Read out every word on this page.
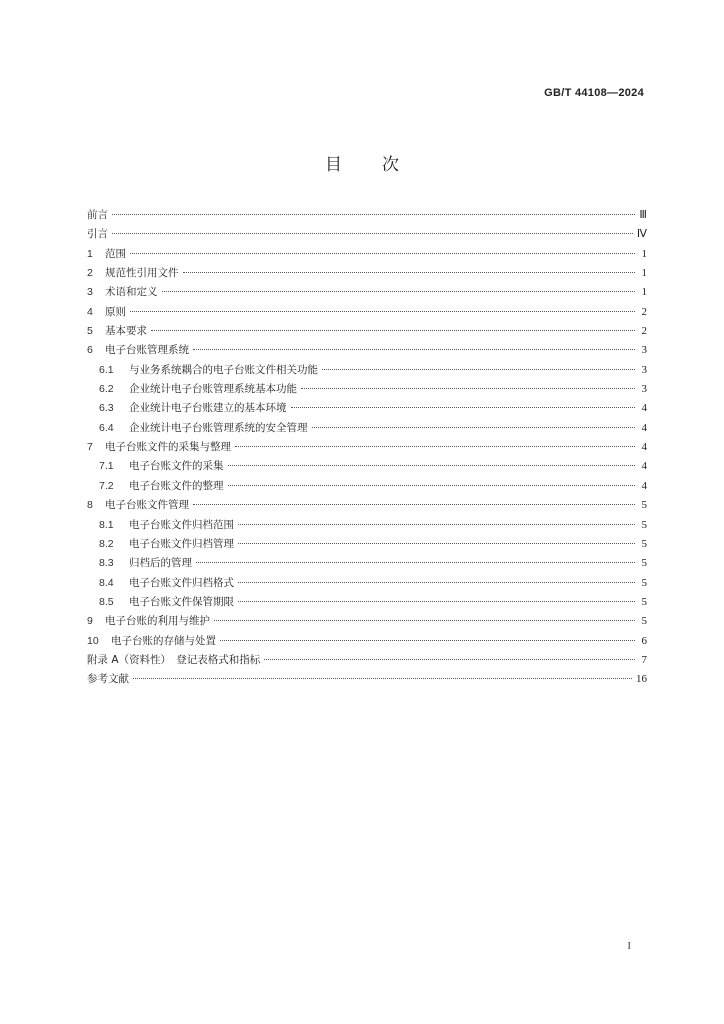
GB/T 44108—2024
目 次
前言	Ⅲ
引言	Ⅳ
1	范围	1
2	规范性引用文件	1
3	术语和定义	1
4	原则	2
5	基本要求	2
6	电子台账管理系统	3
6.1	与业务系统耦合的电子台账文件相关功能	3
6.2	企业统计电子台账管理系统基本功能	3
6.3	企业统计电子台账建立的基本环境	4
6.4	企业统计电子台账管理系统的安全管理	4
7	电子台账文件的采集与整理	4
7.1	电子台账文件的采集	4
7.2	电子台账文件的整理	4
8	电子台账文件管理	5
8.1	电子台账文件归档范围	5
8.2	电子台账文件归档管理	5
8.3	归档后的管理	5
8.4	电子台账文件归档格式	5
8.5	电子台账文件保管期限	5
9	电子台账的利用与维护	5
10	电子台账的存储与处置	6
附录 A（资料性）　登记表格式和指标	7
参考文献	16
I
